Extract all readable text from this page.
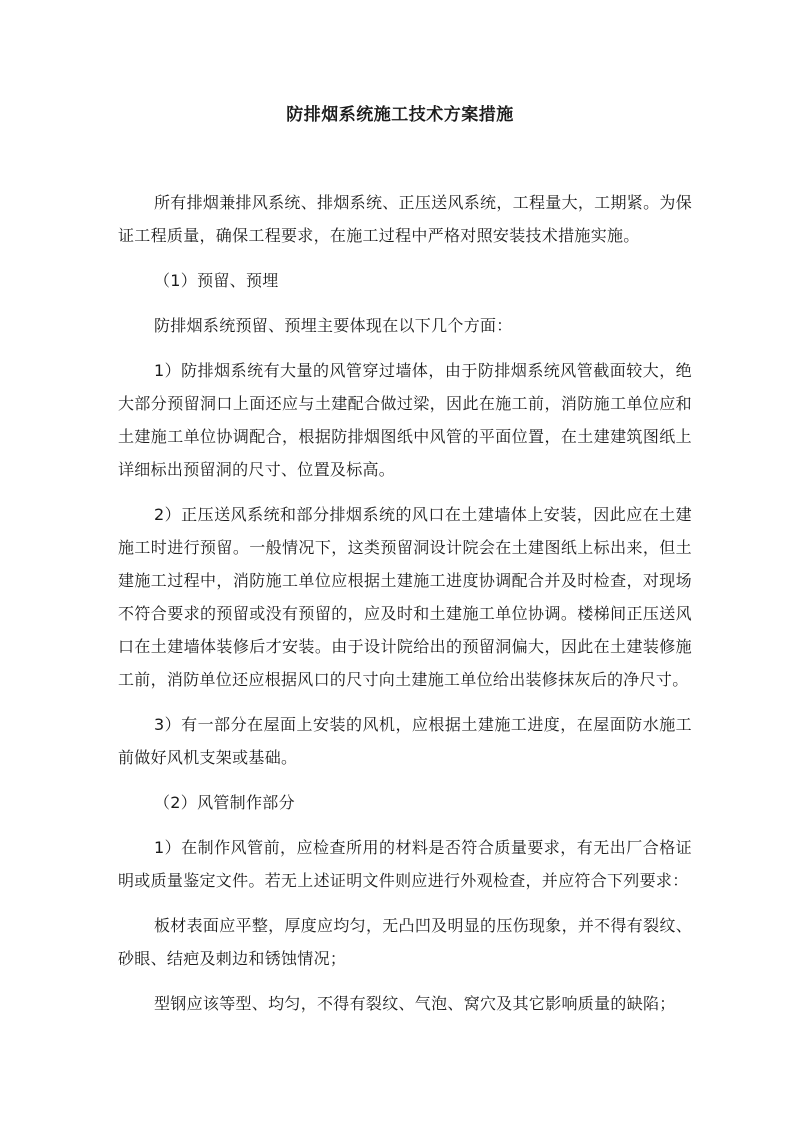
防排烟系统施工技术方案措施

所有排烟兼排风系统、排烟系统、正压送风系统，工程量大，工期紧。为保证工程质量，确保工程要求，在施工过程中严格对照安装技术措施实施。

（1）预留、预埋

防排烟系统预留、预埋主要体现在以下几个方面：

1）防排烟系统有大量的风管穿过墙体，由于防排烟系统风管截面较大，绝大部分预留洞口上面还应与土建配合做过梁，因此在施工前，消防施工单位应和土建施工单位协调配合，根据防排烟图纸中风管的平面位置，在土建建筑图纸上详细标出预留洞的尺寸、位置及标高。

2）正压送风系统和部分排烟系统的风口在土建墙体上安装，因此应在土建施工时进行预留。一般情况下，这类预留洞设计院会在土建图纸上标出来，但土建施工过程中，消防施工单位应根据土建施工进度协调配合并及时检查，对现场不符合要求的预留或没有预留的，应及时和土建施工单位协调。楼梯间正压送风口在土建墙体装修后才安装。由于设计院给出的预留洞偏大，因此在土建装修施工前，消防单位还应根据风口的尺寸向土建施工单位给出装修抹灰后的净尺寸。

3）有一部分在屋面上安装的风机，应根据土建施工进度，在屋面防水施工前做好风机支架或基础。

（2）风管制作部分

1）在制作风管前，应检查所用的材料是否符合质量要求，有无出厂合格证明或质量鉴定文件。若无上述证明文件则应进行外观检查，并应符合下列要求：

板材表面应平整，厚度应均匀，无凸凹及明显的压伤现象，并不得有裂纹、砂眼、结疤及刺边和锈蚀情况；

型钢应该等型、均匀，不得有裂纹、气泡、窝穴及其它影响质量的缺陷；
